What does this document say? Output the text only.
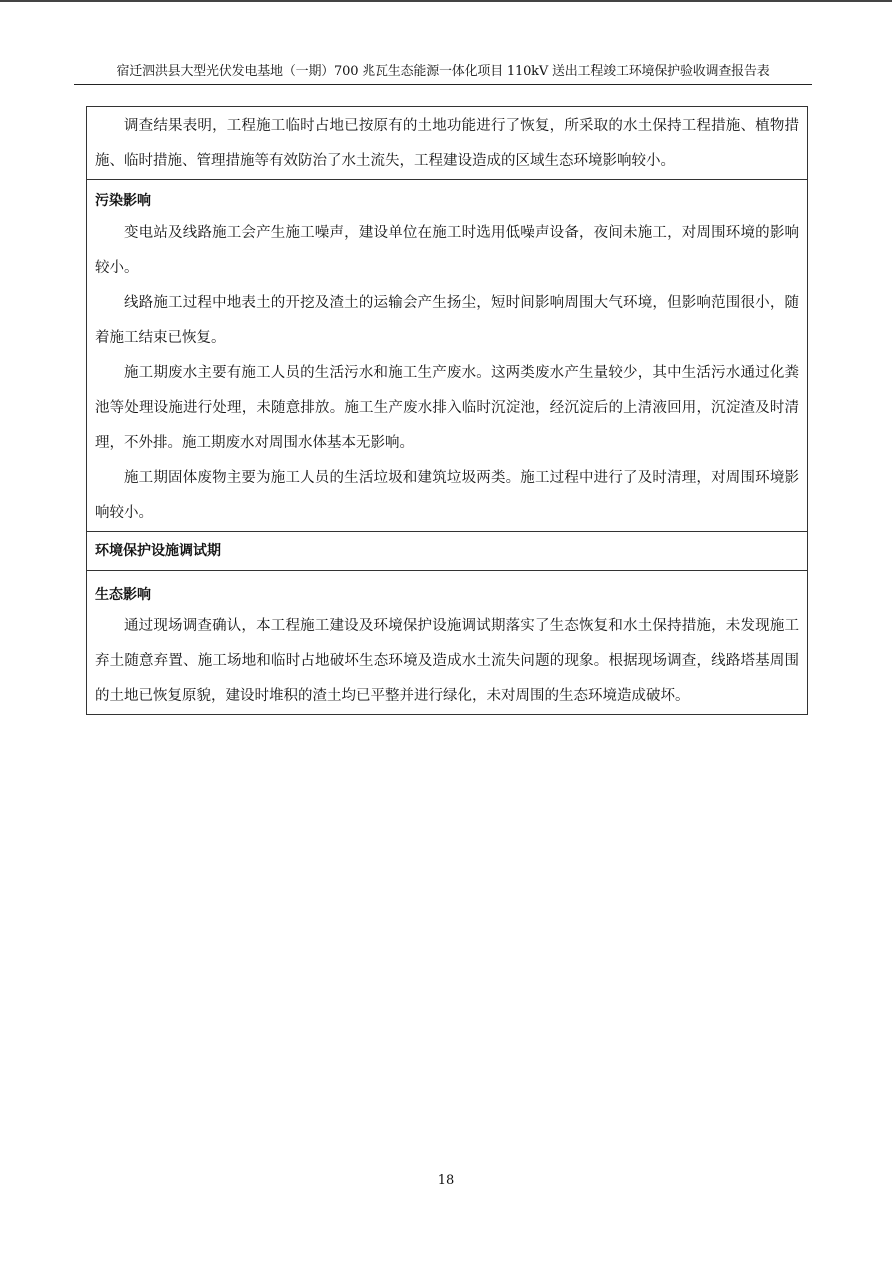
宿迁泗洪县大型光伏发电基地（一期）700 兆瓦生态能源一体化项目 110kV 送出工程竣工环境保护验收调查报告表

调查结果表明，工程施工临时占地已按原有的土地功能进行了恢复，所采取的水土保持工程措施、植物措施、临时措施、管理措施等有效防治了水土流失，工程建设造成的区域生态环境影响较小。

污染影响

变电站及线路施工会产生施工噪声，建设单位在施工时选用低噪声设备，夜间未施工，对周围环境的影响较小。

线路施工过程中地表土的开挖及渣土的运输会产生扬尘，短时间影响周围大气环境，但影响范围很小，随着施工结束已恢复。

施工期废水主要有施工人员的生活污水和施工生产废水。这两类废水产生量较少，其中生活污水通过化粪池等处理设施进行处理，未随意排放。施工生产废水排入临时沉淀池，经沉淀后的上清液回用，沉淀渣及时清理，不外排。施工期废水对周围水体基本无影响。

施工期固体废物主要为施工人员的生活垃圾和建筑垃圾两类。施工过程中进行了及时清理，对周围环境影响较小。

环境保护设施调试期

生态影响

通过现场调查确认，本工程施工建设及环境保护设施调试期落实了生态恢复和水土保持措施，未发现施工弃土随意弃置、施工场地和临时占地破坏生态环境及造成水土流失问题的现象。根据现场调查，线路塔基周围的土地已恢复原貌，建设时堆积的渣土均已平整并进行绿化，未对周围的生态环境造成破坏。

18
